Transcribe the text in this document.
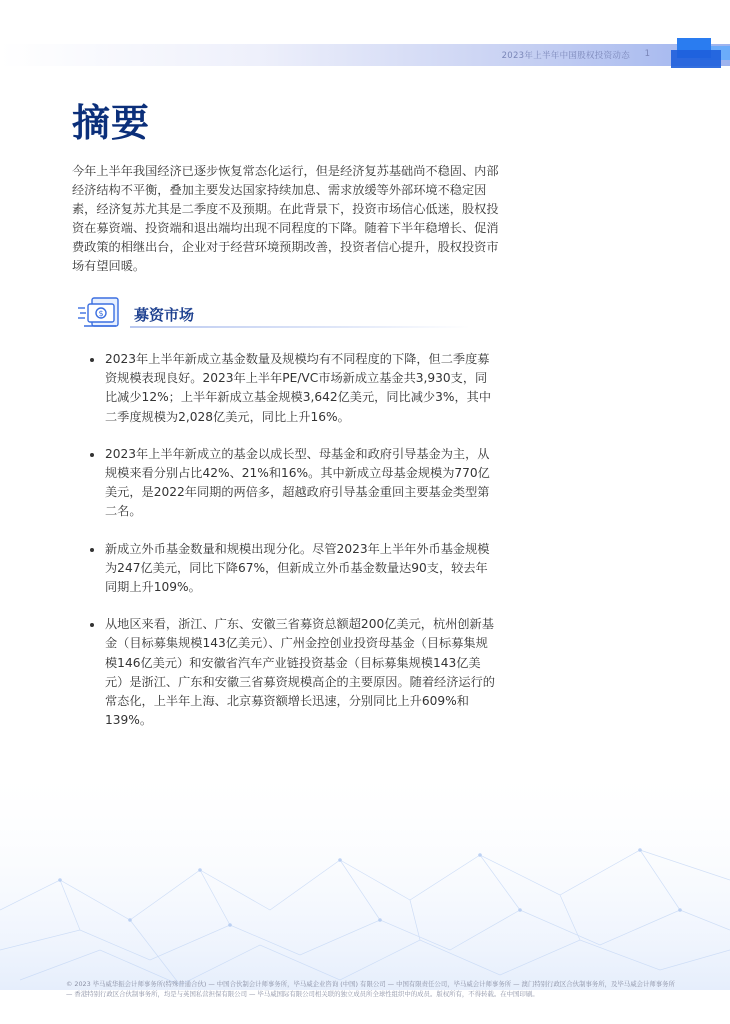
2023年上半年中国股权投资动态 1
摘要

今年上半年我国经济已逐步恢复常态化运行，但是经济复苏基础尚不稳固、内部经济结构不平衡，叠加主要发达国家持续加息、需求放缓等外部环境不稳定因素，经济复苏尤其是二季度不及预期。在此背景下，投资市场信心低迷，股权投资在募资端、投资端和退出端均出现不同程度的下降。随着下半年稳增长、促消费政策的相继出台，企业对于经营环境预期改善，投资者信心提升，股权投资市场有望回暖。

$ 募资市场
2023年上半年新成立基金数量及规模均有不同程度的下降，但二季度募资规模表现良好。2023年上半年PE/VC市场新成立基金共3,930支，同比减少12%；上半年新成立基金规模3,642亿美元，同比减少3%，其中二季度规模为2,028亿美元，同比上升16%。
2023年上半年新成立的基金以成长型、母基金和政府引导基金为主，从规模来看分别占比42%、21%和16%。其中新成立母基金规模为770亿美元，是2022年同期的两倍多，超越政府引导基金重回主要基金类型第二名。
新成立外币基金数量和规模出现分化。尽管2023年上半年外币基金规模为247亿美元，同比下降67%，但新成立外币基金数量达90支，较去年同期上升109%。
从地区来看，浙江、广东、安徽三省募资总额超200亿美元，杭州创新基金（目标募集规模143亿美元）、广州金控创业投资母基金（目标募集规模146亿美元）和安徽省汽车产业链投资基金（目标募集规模143亿美元）是浙江、广东和安徽三省募资规模高企的主要原因。随着经济运行的常态化，上半年上海、北京募资额增长迅速，分别同比上升609%和139%。

© 2023 毕马威华振会计师事务所(特殊普通合伙) — 中国合伙制会计师事务所，毕马威企业咨询 (中国) 有限公司 — 中国有限责任公司，毕马威会计师事务所 — 澳门特别行政区合伙制事务所，及毕马威会计师事务所 — 香港特别行政区合伙制事务所，均是与英国私营担保有限公司 — 毕马威国际有限公司相关联的独立成员所全球性组织中的成员。版权所有，不得转载。在中国印刷。
